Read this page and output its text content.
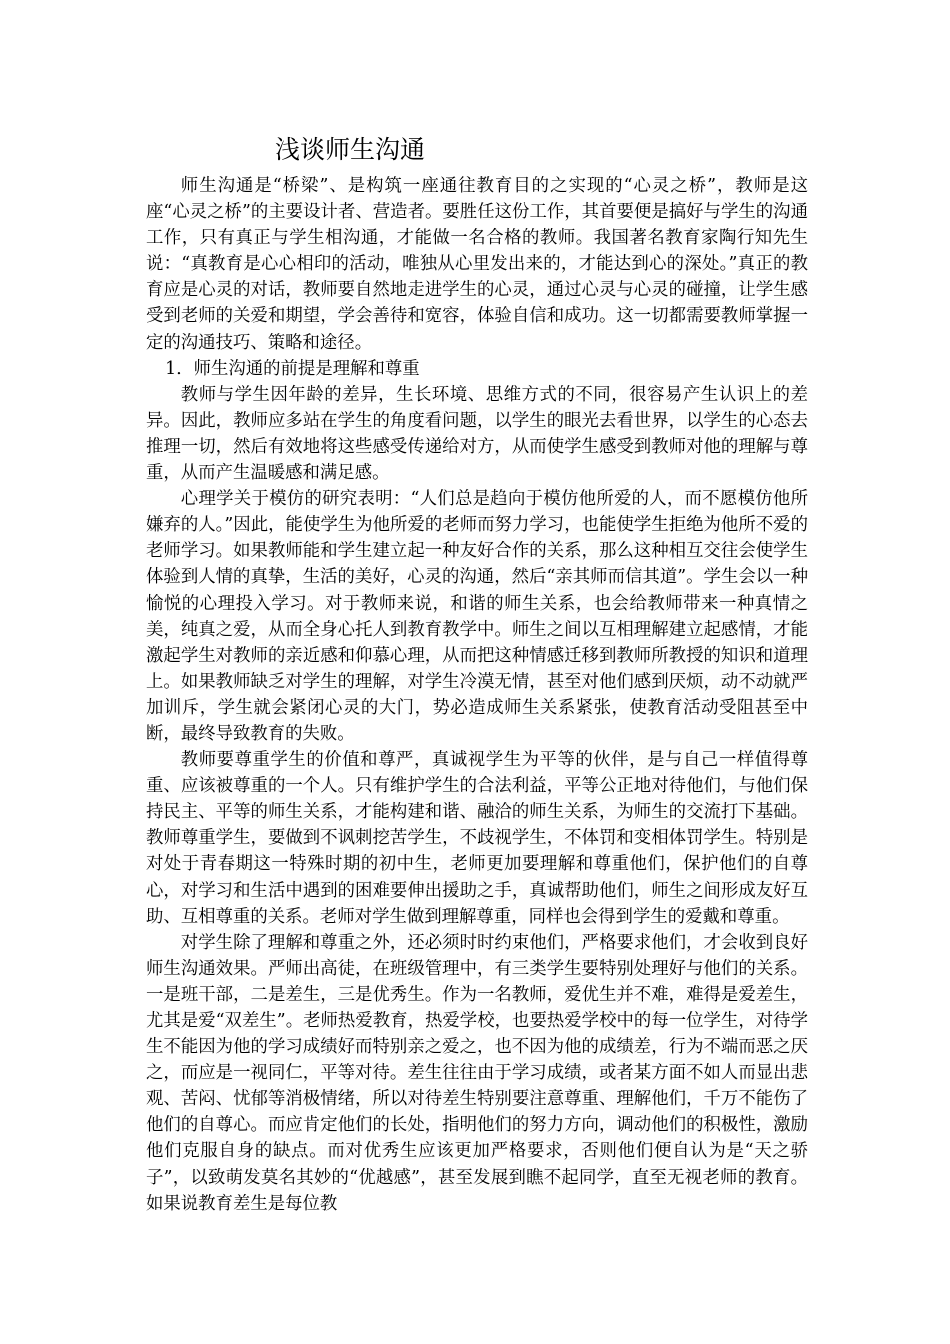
浅谈师生沟通

师生沟通是“桥梁”、是构筑一座通往教育目的之实现的“心灵之桥”，教师是这座“心灵之桥”的主要设计者、营造者。要胜任这份工作，其首要便是搞好与学生的沟通工作，只有真正与学生相沟通，才能做一名合格的教师。我国著名教育家陶行知先生说：“真教育是心心相印的活动，唯独从心里发出来的，才能达到心的深处。”真正的教育应是心灵的对话，教师要自然地走进学生的心灵，通过心灵与心灵的碰撞，让学生感受到老师的关爱和期望，学会善待和宽容，体验自信和成功。这一切都需要教师掌握一定的沟通技巧、策略和途径。

1．师生沟通的前提是理解和尊重

教师与学生因年龄的差异，生长环境、思维方式的不同，很容易产生认识上的差异。因此，教师应多站在学生的角度看问题，以学生的眼光去看世界，以学生的心态去推理一切，然后有效地将这些感受传递给对方，从而使学生感受到教师对他的理解与尊重，从而产生温暖感和满足感。

心理学关于模仿的研究表明：“人们总是趋向于模仿他所爱的人，而不愿模仿他所嫌弃的人。”因此，能使学生为他所爱的老师而努力学习，也能使学生拒绝为他所不爱的老师学习。如果教师能和学生建立起一种友好合作的关系，那么这种相互交往会使学生体验到人情的真挚，生活的美好，心灵的沟通，然后“亲其师而信其道”。学生会以一种愉悦的心理投入学习。对于教师来说，和谐的师生关系，也会给教师带来一种真情之美，纯真之爱，从而全身心托人到教育教学中。师生之间以互相理解建立起感情，才能激起学生对教师的亲近感和仰慕心理，从而把这种情感迁移到教师所教授的知识和道理上。如果教师缺乏对学生的理解，对学生冷漠无情，甚至对他们感到厌烦，动不动就严加训斥，学生就会紧闭心灵的大门，势必造成师生关系紧张，使教育活动受阻甚至中断，最终导致教育的失败。

教师要尊重学生的价值和尊严，真诚视学生为平等的伙伴，是与自己一样值得尊重、应该被尊重的一个人。只有维护学生的合法利益，平等公正地对待他们，与他们保持民主、平等的师生关系，才能构建和谐、融洽的师生关系，为师生的交流打下基础。教师尊重学生，要做到不讽刺挖苦学生，不歧视学生，不体罚和变相体罚学生。特别是对处于青春期这一特殊时期的初中生，老师更加要理解和尊重他们，保护他们的自尊心，对学习和生活中遇到的困难要伸出援助之手，真诚帮助他们，师生之间形成友好互助、互相尊重的关系。老师对学生做到理解尊重，同样也会得到学生的爱戴和尊重。

对学生除了理解和尊重之外，还必须时时约束他们，严格要求他们，才会收到良好师生沟通效果。严师出高徒，在班级管理中，有三类学生要特别处理好与他们的关系。一是班干部，二是差生，三是优秀生。作为一名教师，爱优生并不难，难得是爱差生，尤其是爱“双差生”。老师热爱教育，热爱学校，也要热爱学校中的每一位学生，对待学生不能因为他的学习成绩好而特别亲之爱之，也不因为他的成绩差，行为不端而恶之厌之，而应是一视同仁，平等对待。差生往往由于学习成绩，或者某方面不如人而显出悲观、苦闷、忧郁等消极情绪，所以对待差生特别要注意尊重、理解他们，千万不能伤了他们的自尊心。而应肯定他们的长处，指明他们的努力方向，调动他们的积极性，激励他们克服自身的缺点。而对优秀生应该更加严格要求，否则他们便自认为是“天之骄子”，以致萌发莫名其妙的“优越感”，甚至发展到瞧不起同学，直至无视老师的教育。如果说教育差生是每位教
